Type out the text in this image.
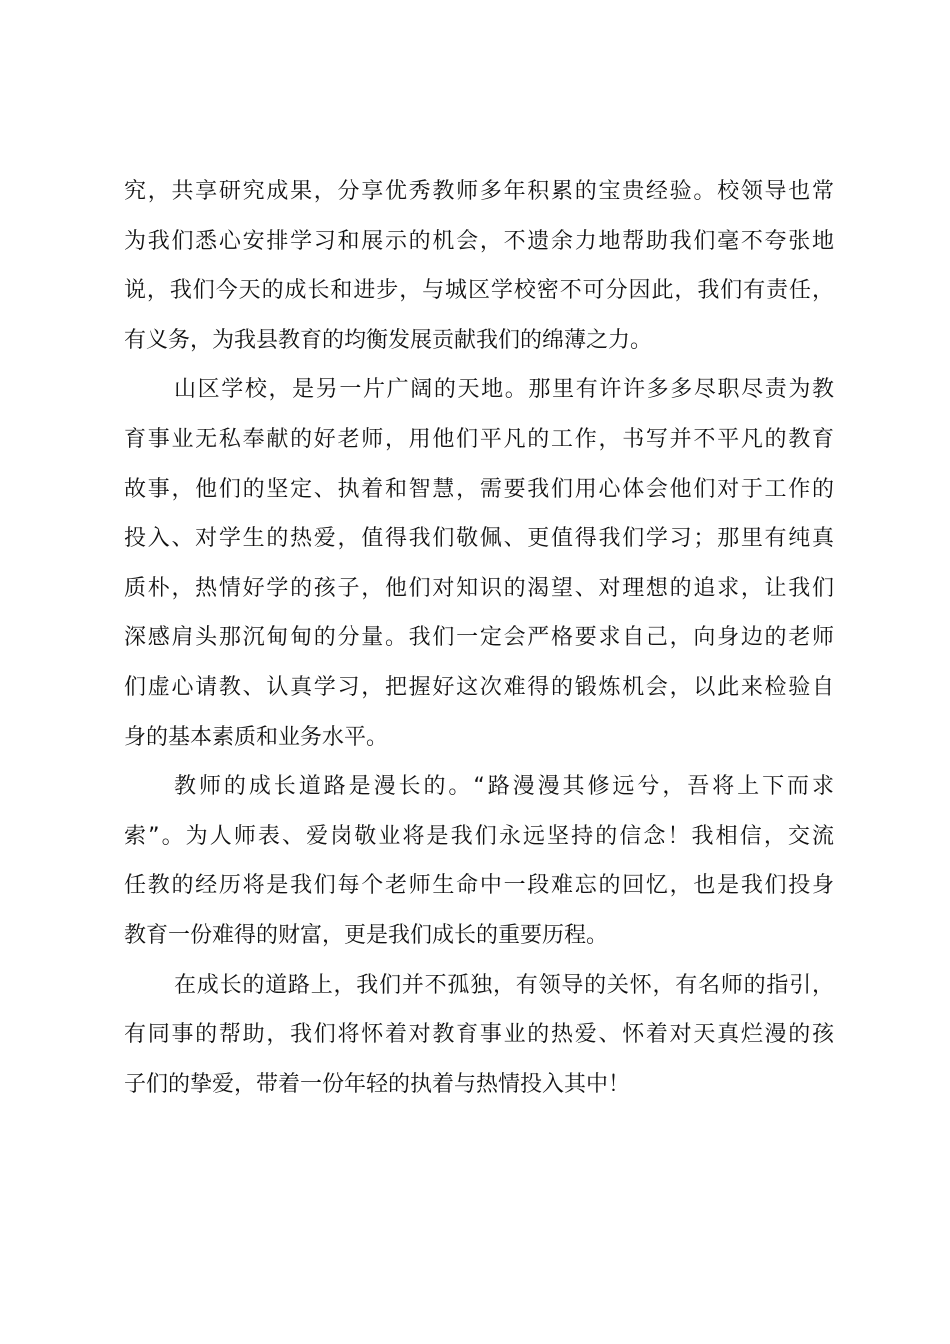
究，共享研究成果，分享优秀教师多年积累的宝贵经验。校领导也常
为我们悉心安排学习和展示的机会，不遗余力地帮助我们毫不夸张地
说，我们今天的成长和进步，与城区学校密不可分因此，我们有责任，
有义务，为我县教育的均衡发展贡献我们的绵薄之力。
山区学校，是另一片广阔的天地。那里有许许多多尽职尽责为教
育事业无私奉献的好老师，用他们平凡的工作，书写并不平凡的教育
故事，他们的坚定、执着和智慧，需要我们用心体会他们对于工作的
投入、对学生的热爱，值得我们敬佩、更值得我们学习；那里有纯真
质朴，热情好学的孩子，他们对知识的渴望、对理想的追求，让我们
深感肩头那沉甸甸的分量。我们一定会严格要求自己，向身边的老师
们虚心请教、认真学习，把握好这次难得的锻炼机会，以此来检验自
身的基本素质和业务水平。
教师的成长道路是漫长的。“路漫漫其修远兮，吾将上下而求
索”。为人师表、爱岗敬业将是我们永远坚持的信念！我相信，交流
任教的经历将是我们每个老师生命中一段难忘的回忆，也是我们投身
教育一份难得的财富，更是我们成长的重要历程。
在成长的道路上，我们并不孤独，有领导的关怀，有名师的指引，
有同事的帮助，我们将怀着对教育事业的热爱、怀着对天真烂漫的孩
子们的挚爱，带着一份年轻的执着与热情投入其中！
